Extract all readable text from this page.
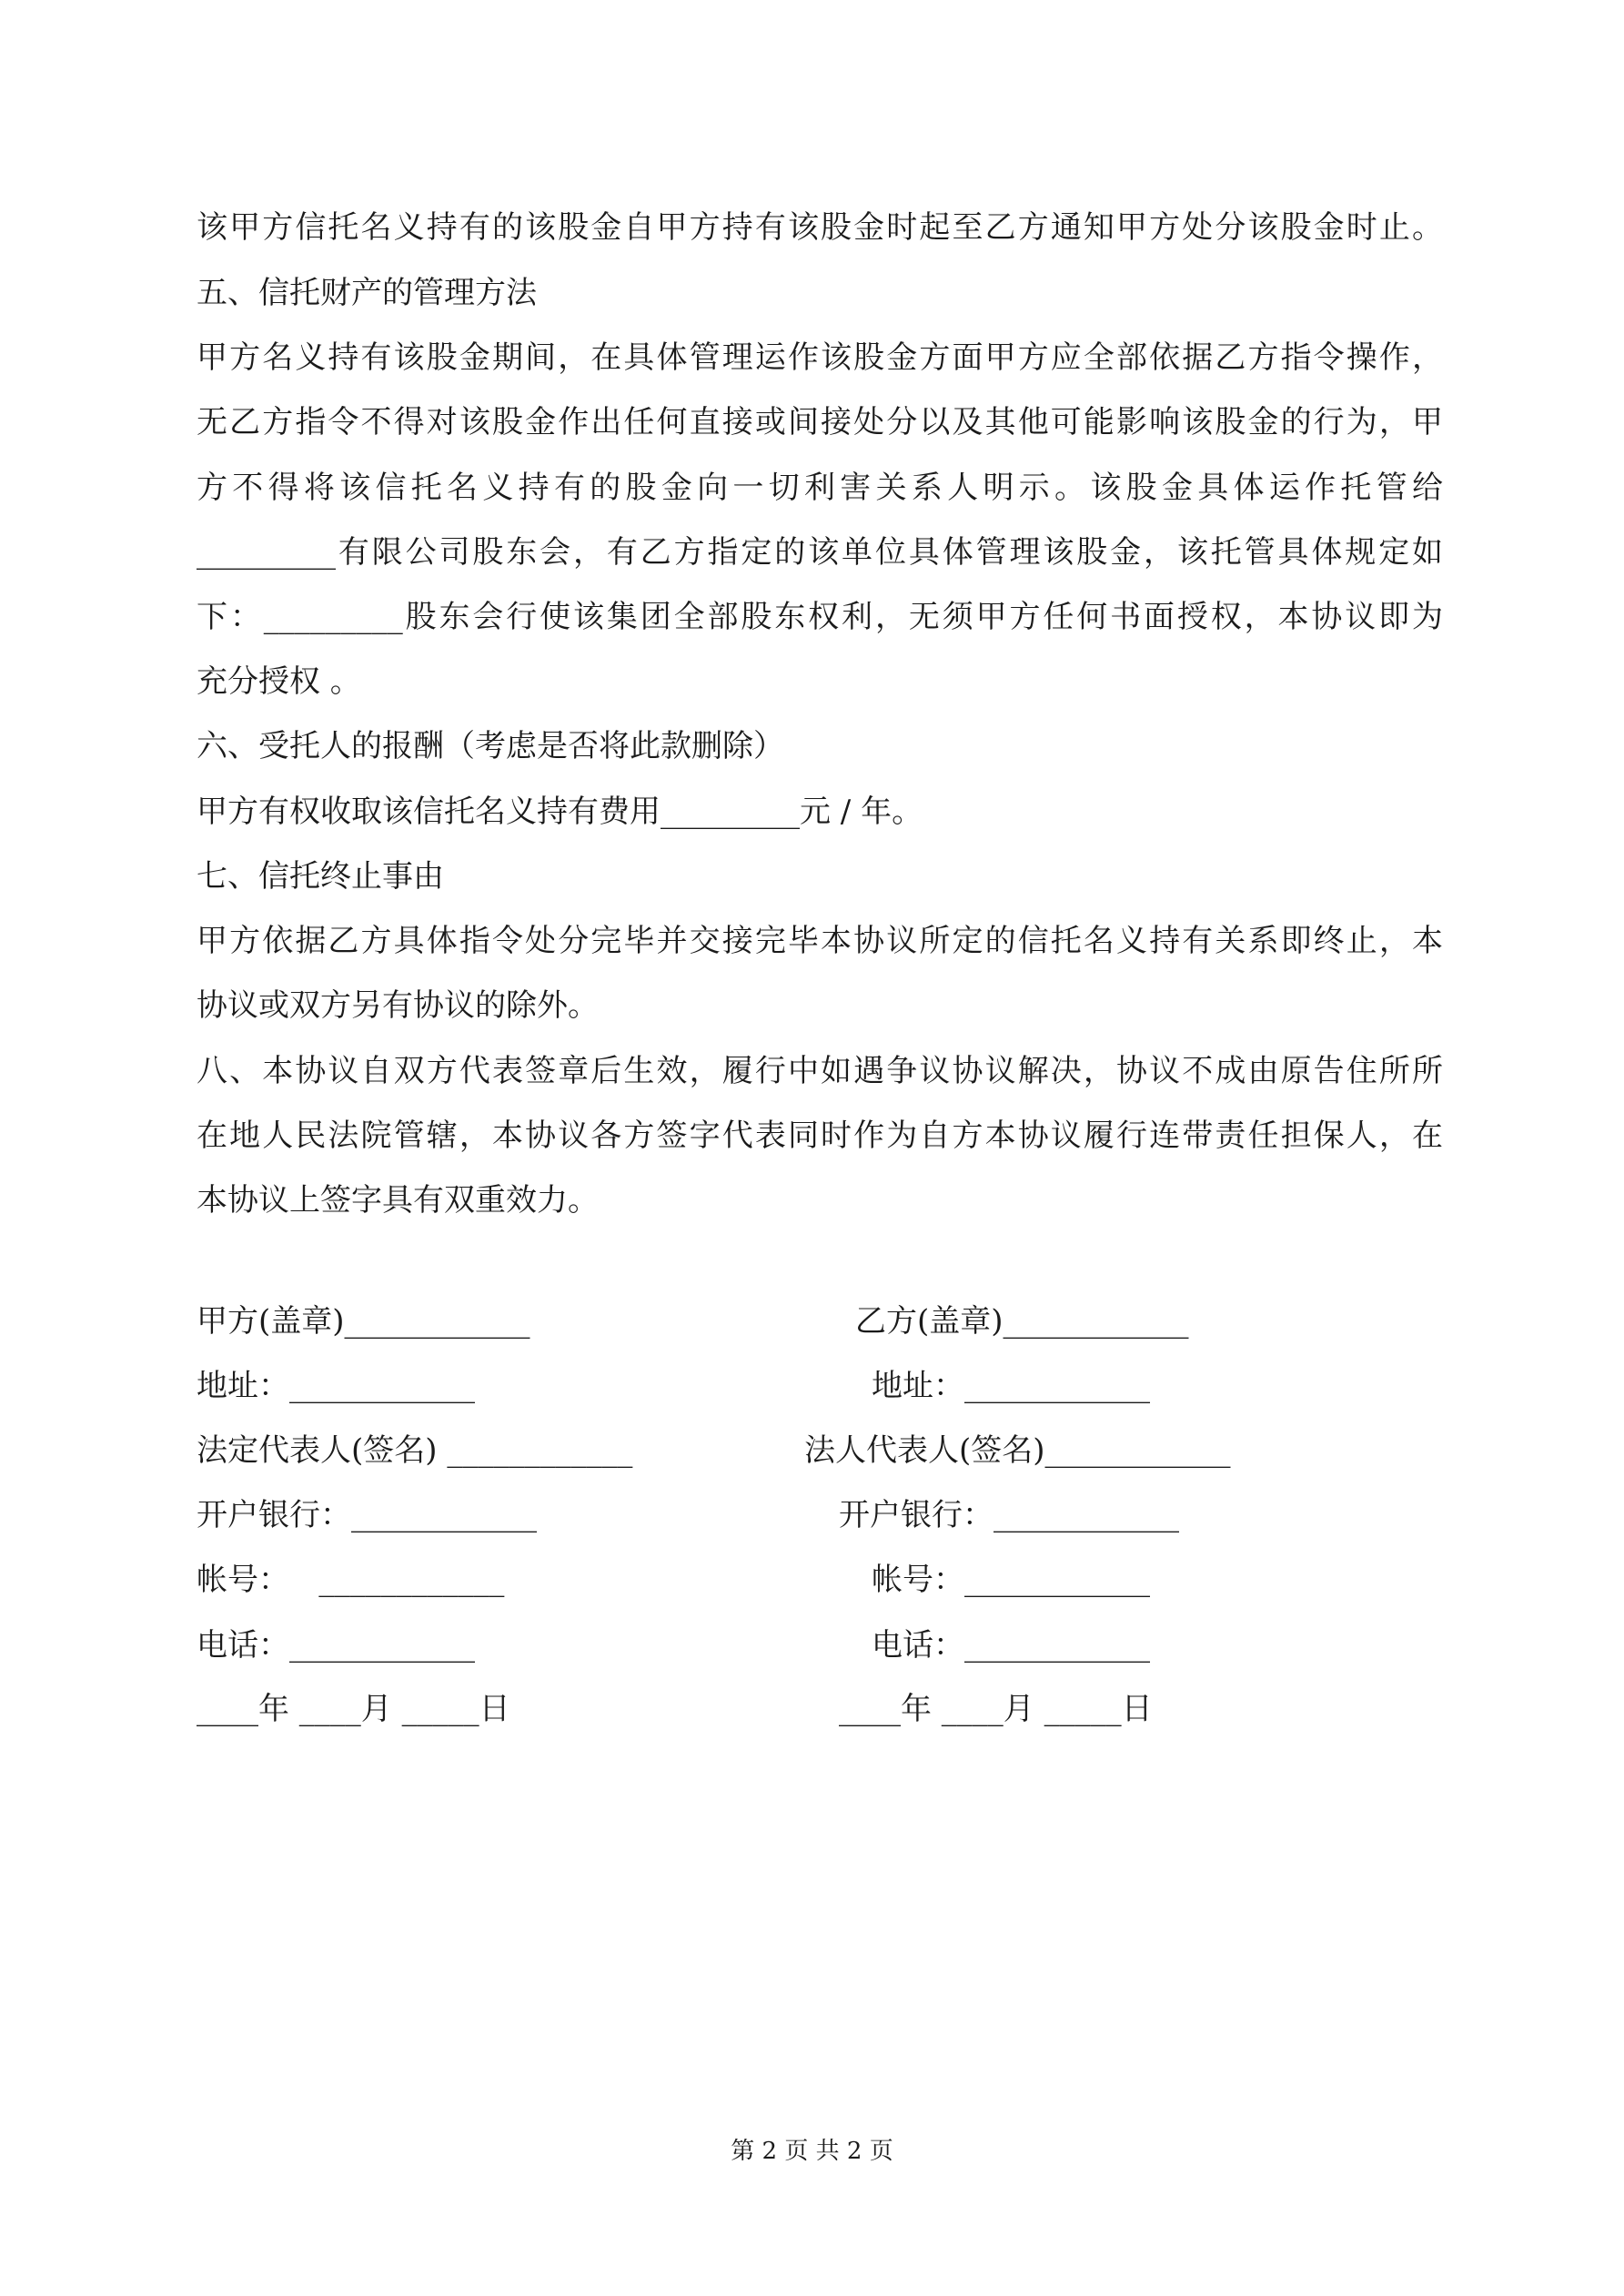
该甲方信托名义持有的该股金自甲方持有该股金时起至乙方通知甲方处分该股金时止。
五、信托财产的管理方法
甲方名义持有该股金期间，在具体管理运作该股金方面甲方应全部依据乙方指令操作，
无乙方指令不得对该股金作出任何直接或间接处分以及其他可能影响该股金的行为，甲
方不得将该信托名义持有的股金向一切利害关系人明示。该股金具体运作托管给
_________有限公司股东会，有乙方指定的该单位具体管理该股金，该托管具体规定如
下：_________股东会行使该集团全部股东权利，无须甲方任何书面授权，本协议即为
充分授权 。
六、受托人的报酬（考虑是否将此款删除）
甲方有权收取该信托名义持有费用_________元 / 年。
七、信托终止事由
甲方依据乙方具体指令处分完毕并交接完毕本协议所定的信托名义持有关系即终止，本
协议或双方另有协议的除外。
八、本协议自双方代表签章后生效，履行中如遇争议协议解决，协议不成由原告住所所
在地人民法院管辖，本协议各方签字代表同时作为自方本协议履行连带责任担保人，在
本协议上签字具有双重效力。
甲方(盖章)____________
地址：____________
法定代表人(签名) ____________
开户银行：____________
帐号：   ____________
电话：____________
____年 ____月 _____日
乙方(盖章)____________
地址：____________
法人代表人(签名)____________
开户银行：____________
帐号：____________
电话：____________
____年 ____月 _____日
第 2 页 共 2 页
